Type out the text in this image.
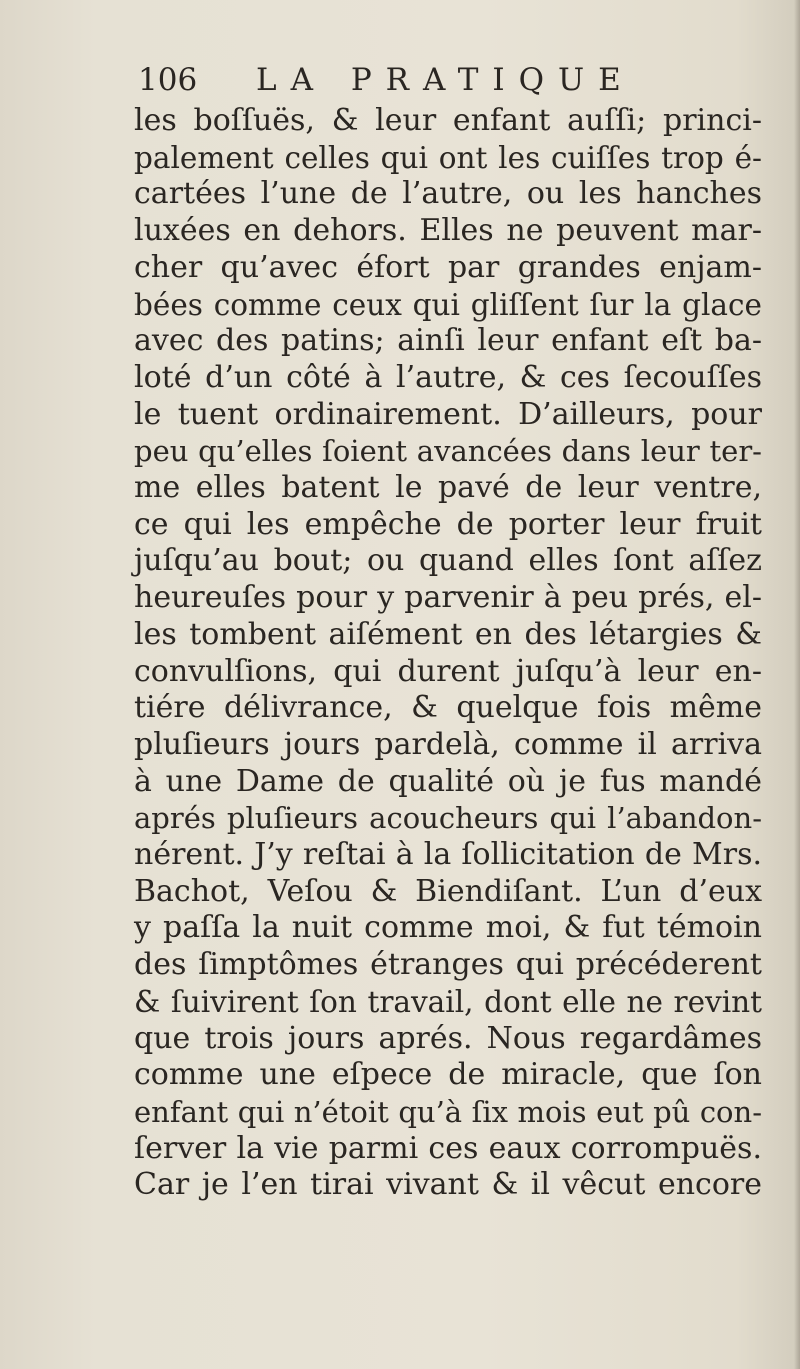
106 LA PRATIQUE
les boſſuës, & leur enfant auſſi; princi-
palement celles qui ont les cuiſſes trop é-
cartées l’une de l’autre, ou les hanches
luxées en dehors. Elles ne peuvent mar-
cher qu’avec éfort par grandes enjam-
bées comme ceux qui gliſſent ſur la glace
avec des patins; ainſi leur enfant eſt ba-
loté d’un côté à l’autre, & ces ſecouſſes
le tuent ordinairement. D’ailleurs, pour
peu qu’elles ſoient avancées dans leur ter-
me elles batent le pavé de leur ventre,
ce qui les empêche de porter leur fruit
juſqu’au bout; ou quand elles ſont aſſez
heureuſes pour y parvenir à peu prés, el-
les tombent aiſément en des létargies &
convulſions, qui durent juſqu’à leur en-
tiére délivrance, & quelque fois même
pluſieurs jours pardelà, comme il arriva
à une Dame de qualité où je fus mandé
aprés pluſieurs acoucheurs qui l’abandon-
nérent. J’y reſtai à la ſollicitation de Mrs.
Bachot, Veſou & Biendiſant. L’un d’eux
y paſſa la nuit comme moi, & fut témoin
des ſimptômes étranges qui précéderent
& ſuivirent ſon travail, dont elle ne revint
que trois jours aprés. Nous regardâmes
comme une eſpece de miracle, que ſon
enfant qui n’étoit qu’à ſix mois eut pû con-
ſerver la vie parmi ces eaux corrompuës.
Car je l’en tirai vivant & il vêcut encore
